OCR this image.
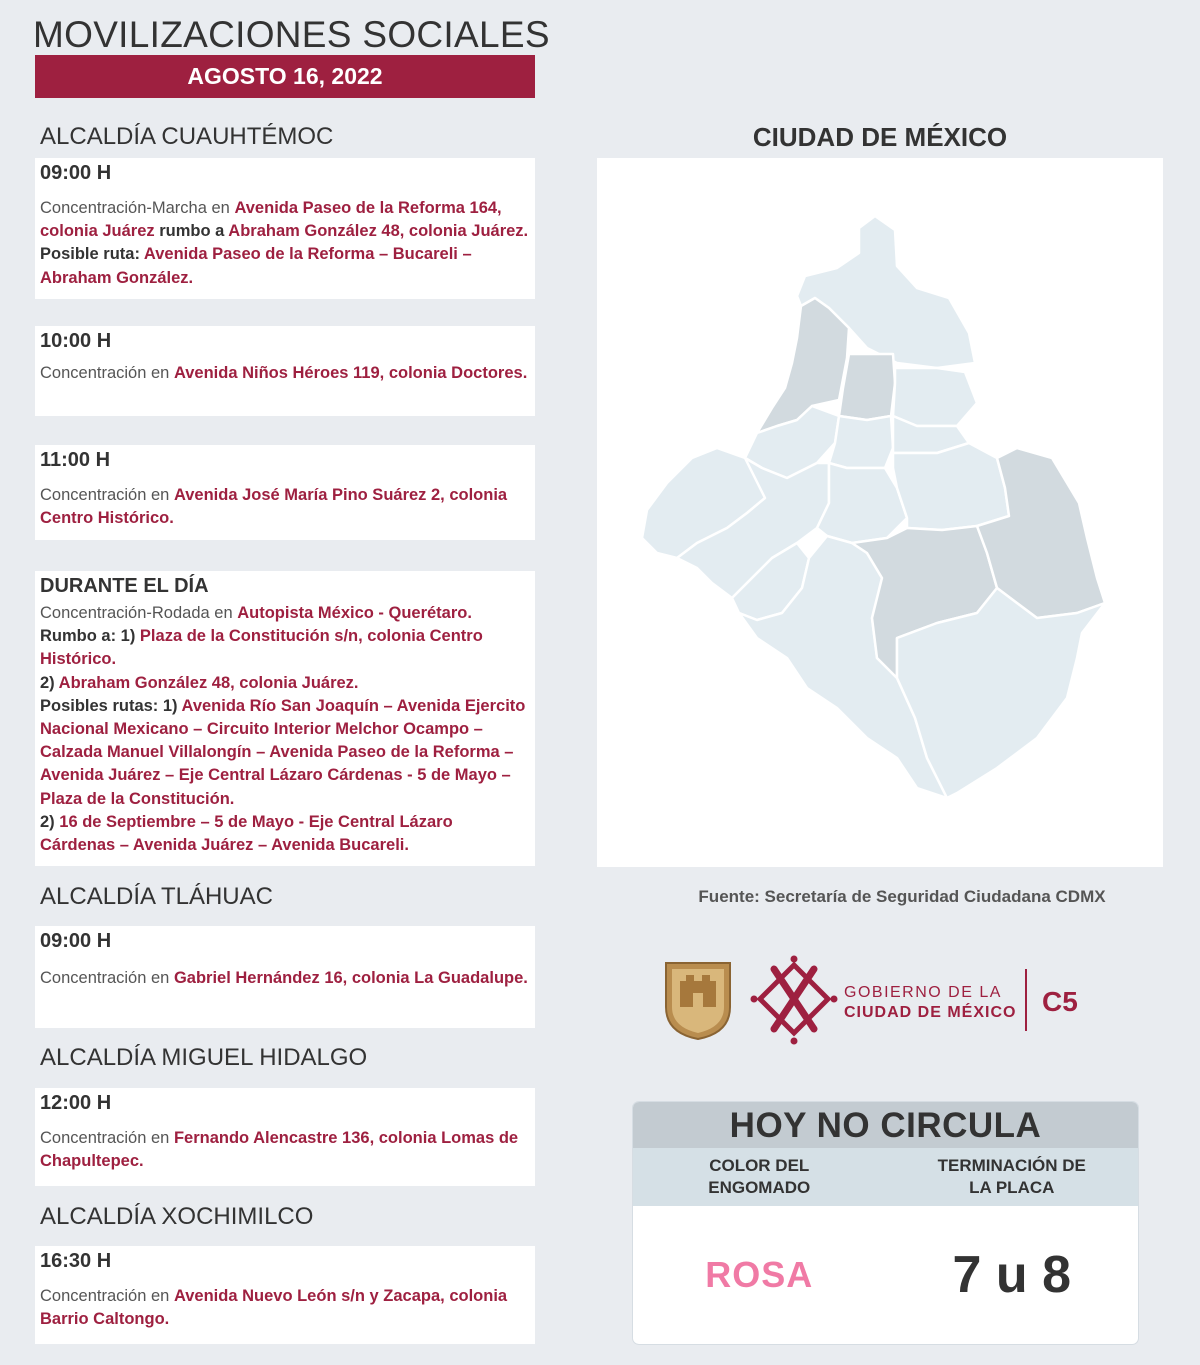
MOVILIZACIONES SOCIALES
AGOSTO 16, 2022
ALCALDÍA CUAUHTÉMOC

09:00 H

Concentración-Marcha en Avenida Paseo de la Reforma 164, colonia Juárez rumbo a Abraham González 48, colonia Juárez. Posible ruta: Avenida Paseo de la Reforma – Bucareli – Abraham González.

10:00 H

Concentración en Avenida Niños Héroes 119, colonia Doctores.

11:00 H

Concentración en Avenida José María Pino Suárez 2, colonia Centro Histórico.

DURANTE EL DÍA

Concentración-Rodada en Autopista México - Querétaro. Rumbo a: 1) Plaza de la Constitución s/n, colonia Centro Histórico.
2) Abraham González 48, colonia Juárez.
Posibles rutas: 1) Avenida Río San Joaquín – Avenida Ejercito Nacional Mexicano – Circuito Interior Melchor Ocampo – Calzada Manuel Villalongín – Avenida Paseo de la Reforma – Avenida Juárez – Eje Central Lázaro Cárdenas - 5 de Mayo – Plaza de la Constitución.
2) 16 de Septiembre – 5 de Mayo - Eje Central Lázaro Cárdenas – Avenida Juárez – Avenida Bucareli.

ALCALDÍA TLÁHUAC

09:00 H

Concentración en Gabriel Hernández 16, colonia La Guadalupe.

ALCALDÍA MIGUEL HIDALGO

12:00 H

Concentración en Fernando Alencastre 136, colonia Lomas de Chapultepec.

ALCALDÍA XOCHIMILCO

16:30 H

Concentración en Avenida Nuevo León s/n y Zacapa, colonia Barrio Caltongo.

CIUDAD DE MÉXICO
Fuente: Secretaría de Seguridad Ciudadana CDMX
GOBIERNO DE LA
CIUDAD DE MÉXICO C5
HOY NO CIRCULA
COLOR DEL
ENGOMADO
TERMINACIÓN DE
LA PLACA
ROSA	7 u 8
